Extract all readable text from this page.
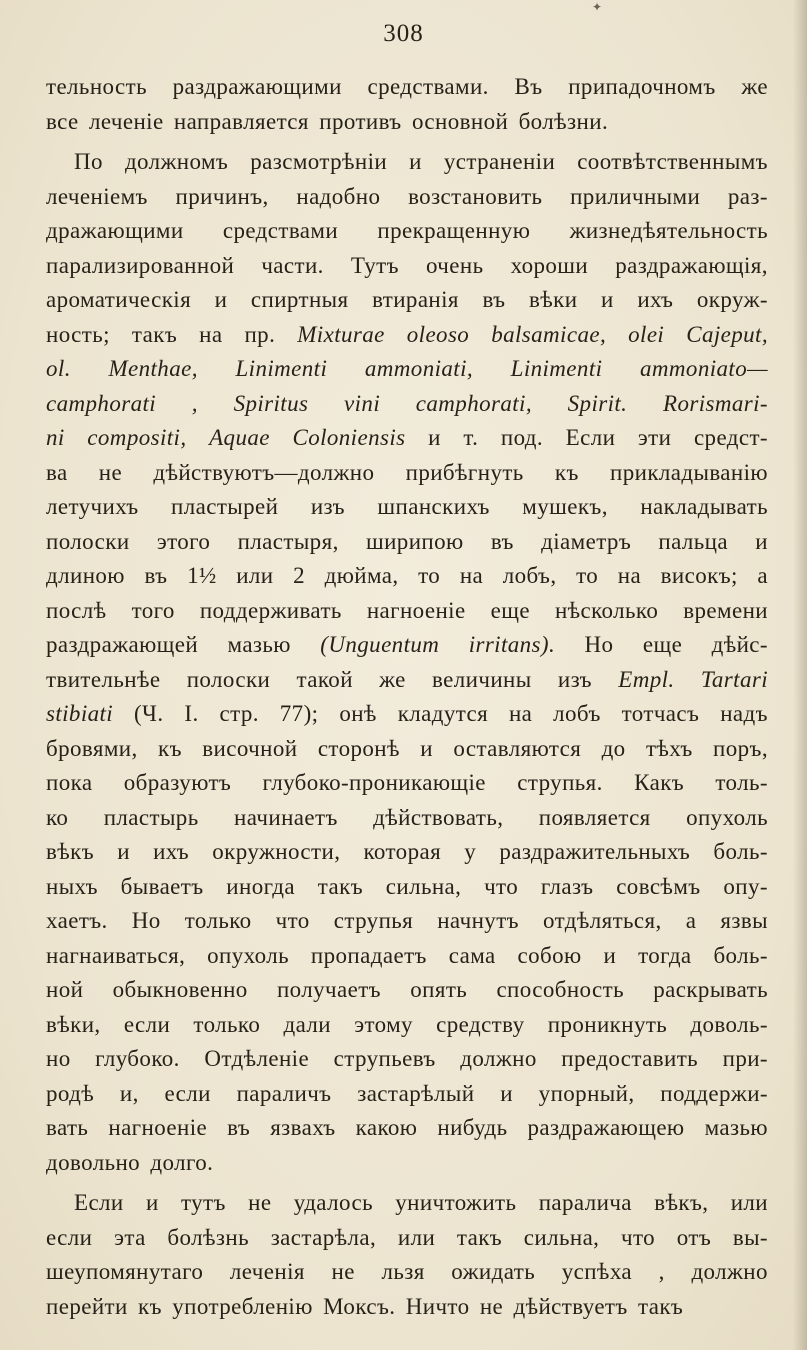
✦
308
тельность раздражающими средствами. Въ припадочномъ же
все леченіе направляется противъ основной болѣзни.
По должномъ разсмотрѣніи и устраненіи соотвѣтственнымъ
леченіемъ причинъ, надобно возстановить приличными раз-
дражающими средствами прекращенную жизнедѣятельность
парализированной части. Тутъ очень хороши раздражающія,
ароматическія и спиртныя втиранія въ вѣки и ихъ окруж-
ность; такъ на пр. Mixturae oleoso balsamicae, olei Cajeput,
ol. Menthae, Linimenti ammoniati, Linimenti ammoniato—
camphorati , Spiritus vini camphorati, Spirit. Rorismari-
ni compositi, Aquae Coloniensis и т. под. Если эти средст-
ва не дѣйствуютъ—должно прибѣгнуть къ прикладыванію
летучихъ пластырей изъ шпанскихъ мушекъ, накладывать
полоски этого пластыря, ширипою въ діаметръ пальца и
длиною въ 1½ или 2 дюйма, то на лобъ, то на високъ; а
послѣ того поддерживать нагноеніе еще нѣсколько времени
раздражающей мазью (Unguentum irritans). Но еще дѣйс-
твительнѣе полоски такой же величины изъ Empl. Tartari
stibiati (Ч. I. стр. 77); онѣ кладутся на лобъ тотчасъ надъ
бровями, къ височной сторонѣ и оставляются до тѣхъ поръ,
пока образуютъ глубоко-проникающіе струпья. Какъ толь-
ко пластырь начинаетъ дѣйствовать, появляется опухоль
вѣкъ и ихъ окружности, которая у раздражительныхъ боль-
ныхъ бываетъ иногда такъ сильна, что глазъ совсѣмъ опу-
хаетъ. Но только что струпья начнутъ отдѣляться, а язвы
нагнаиваться, опухоль пропадаетъ сама собою и тогда боль-
ной обыкновенно получаетъ опять способность раскрывать
вѣки, если только дали этому средству проникнуть доволь-
но глубоко. Отдѣленіе струпьевъ должно предоставить при-
родѣ и, если параличъ застарѣлый и упорный, поддержи-
вать нагноеніе въ язвахъ какою нибудь раздражающею мазью
довольно долго.
Если и тутъ не удалось уничтожить паралича вѣкъ, или
если эта болѣзнь застарѣла, или такъ сильна, что отъ вы-
шеупомянутаго леченія не льзя ожидать успѣха , должно
перейти къ употребленію Моксъ. Ничто не дѣйствуетъ такъ
